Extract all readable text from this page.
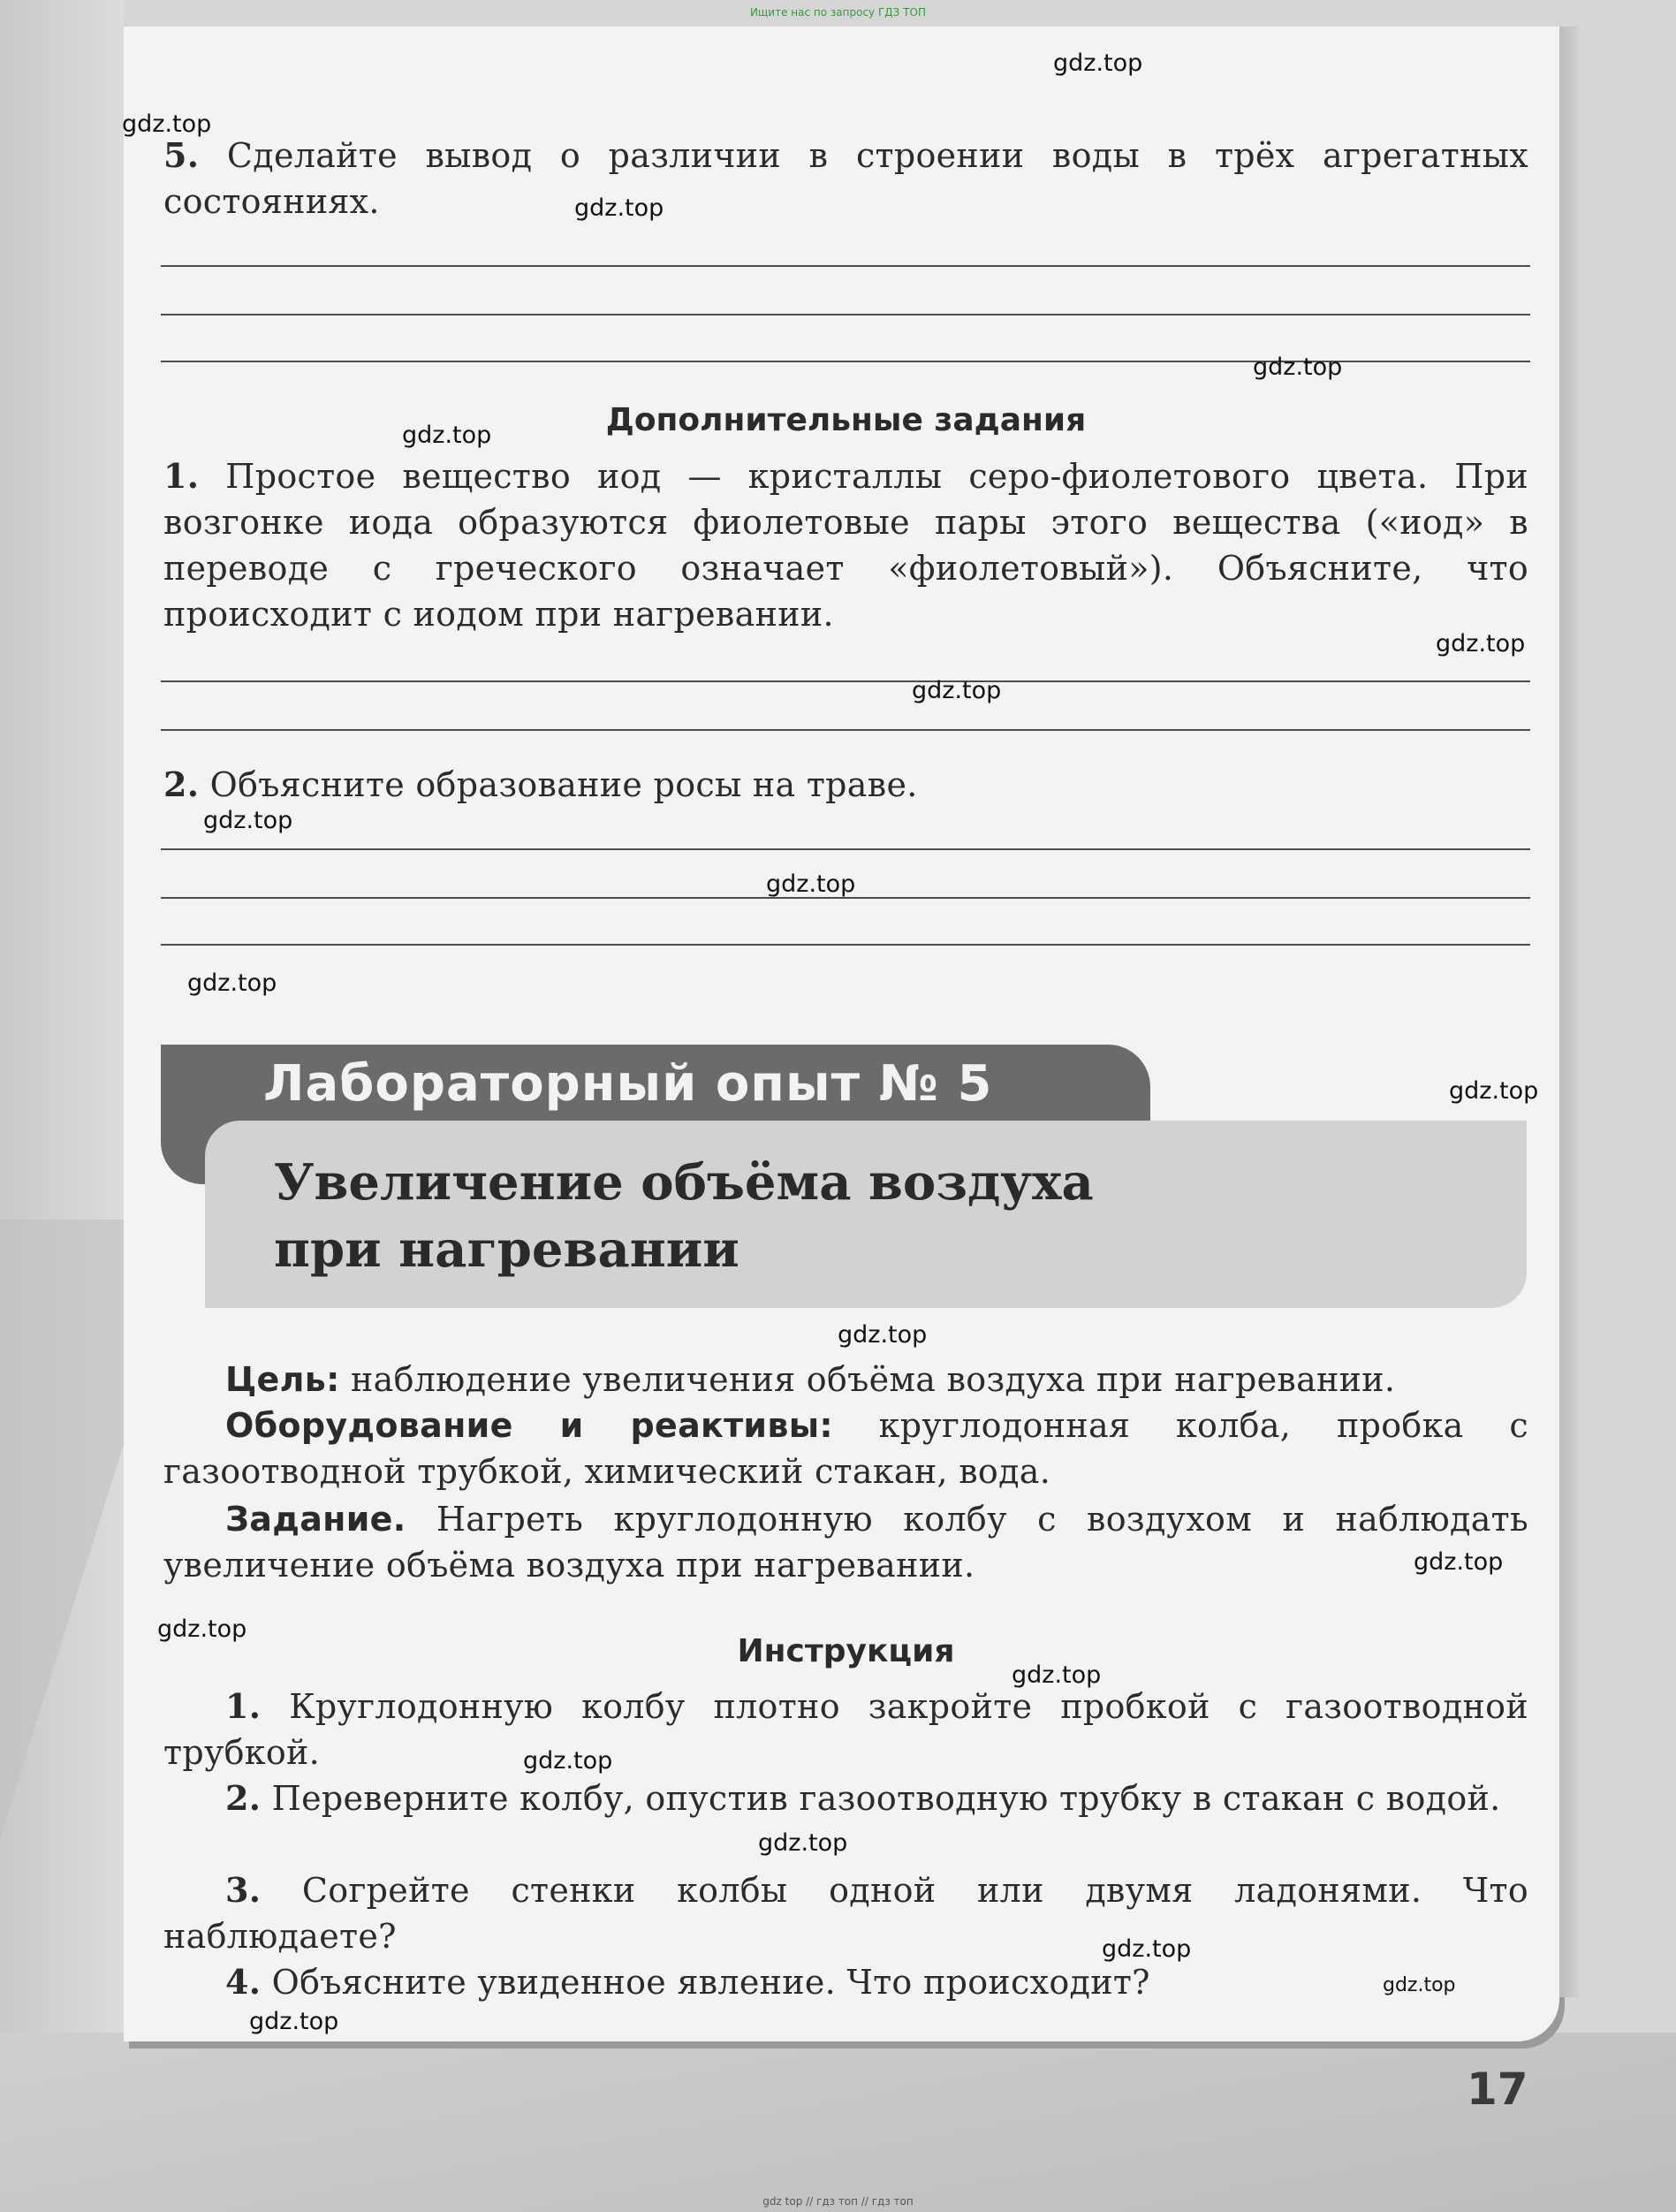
Ищите нас по запросу ГДЗ ТОП
5. Сделайте вывод о различии в строении воды в трёх агрегатных состояниях.
Дополнительные задания
1. Простое вещество иод — кристаллы серо-фиолетового цвета. При возгонке иода образуются фиолетовые пары этого вещества («иод» в переводе с греческого означает «фиолетовый»). Объясните, что происходит с иодом при нагревании.
2. Объясните образование росы на траве.
Лабораторный опыт № 5
Увеличение объёма воздуха
при нагревании
Цель: наблюдение увеличения объёма воздуха при нагревании.
Оборудование и реактивы: круглодонная колба, пробка с газоотводной трубкой, химический стакан, вода.
Задание. Нагреть круглодонную колбу с воздухом и наблюдать увеличение объёма воздуха при нагревании.
Инструкция
1. Круглодонную колбу плотно закройте пробкой с газоотводной трубкой.
2. Переверните колбу, опустив газоотводную трубку в стакан с водой.
3. Согрейте стенки колбы одной или двумя ладонями. Что наблюдаете?
4. Объясните увиденное явление. Что происходит?
gdz.top
gdz.top
gdz.top
gdz.top
gdz.top
gdz.top
gdz.top
gdz.top
gdz.top
gdz.top
gdz.top
gdz.top
gdz.top
gdz.top
gdz.top
gdz.top
gdz.top
gdz.top
gdz.top
gdz.top
17
gdz top // гдз топ // гдз топ
